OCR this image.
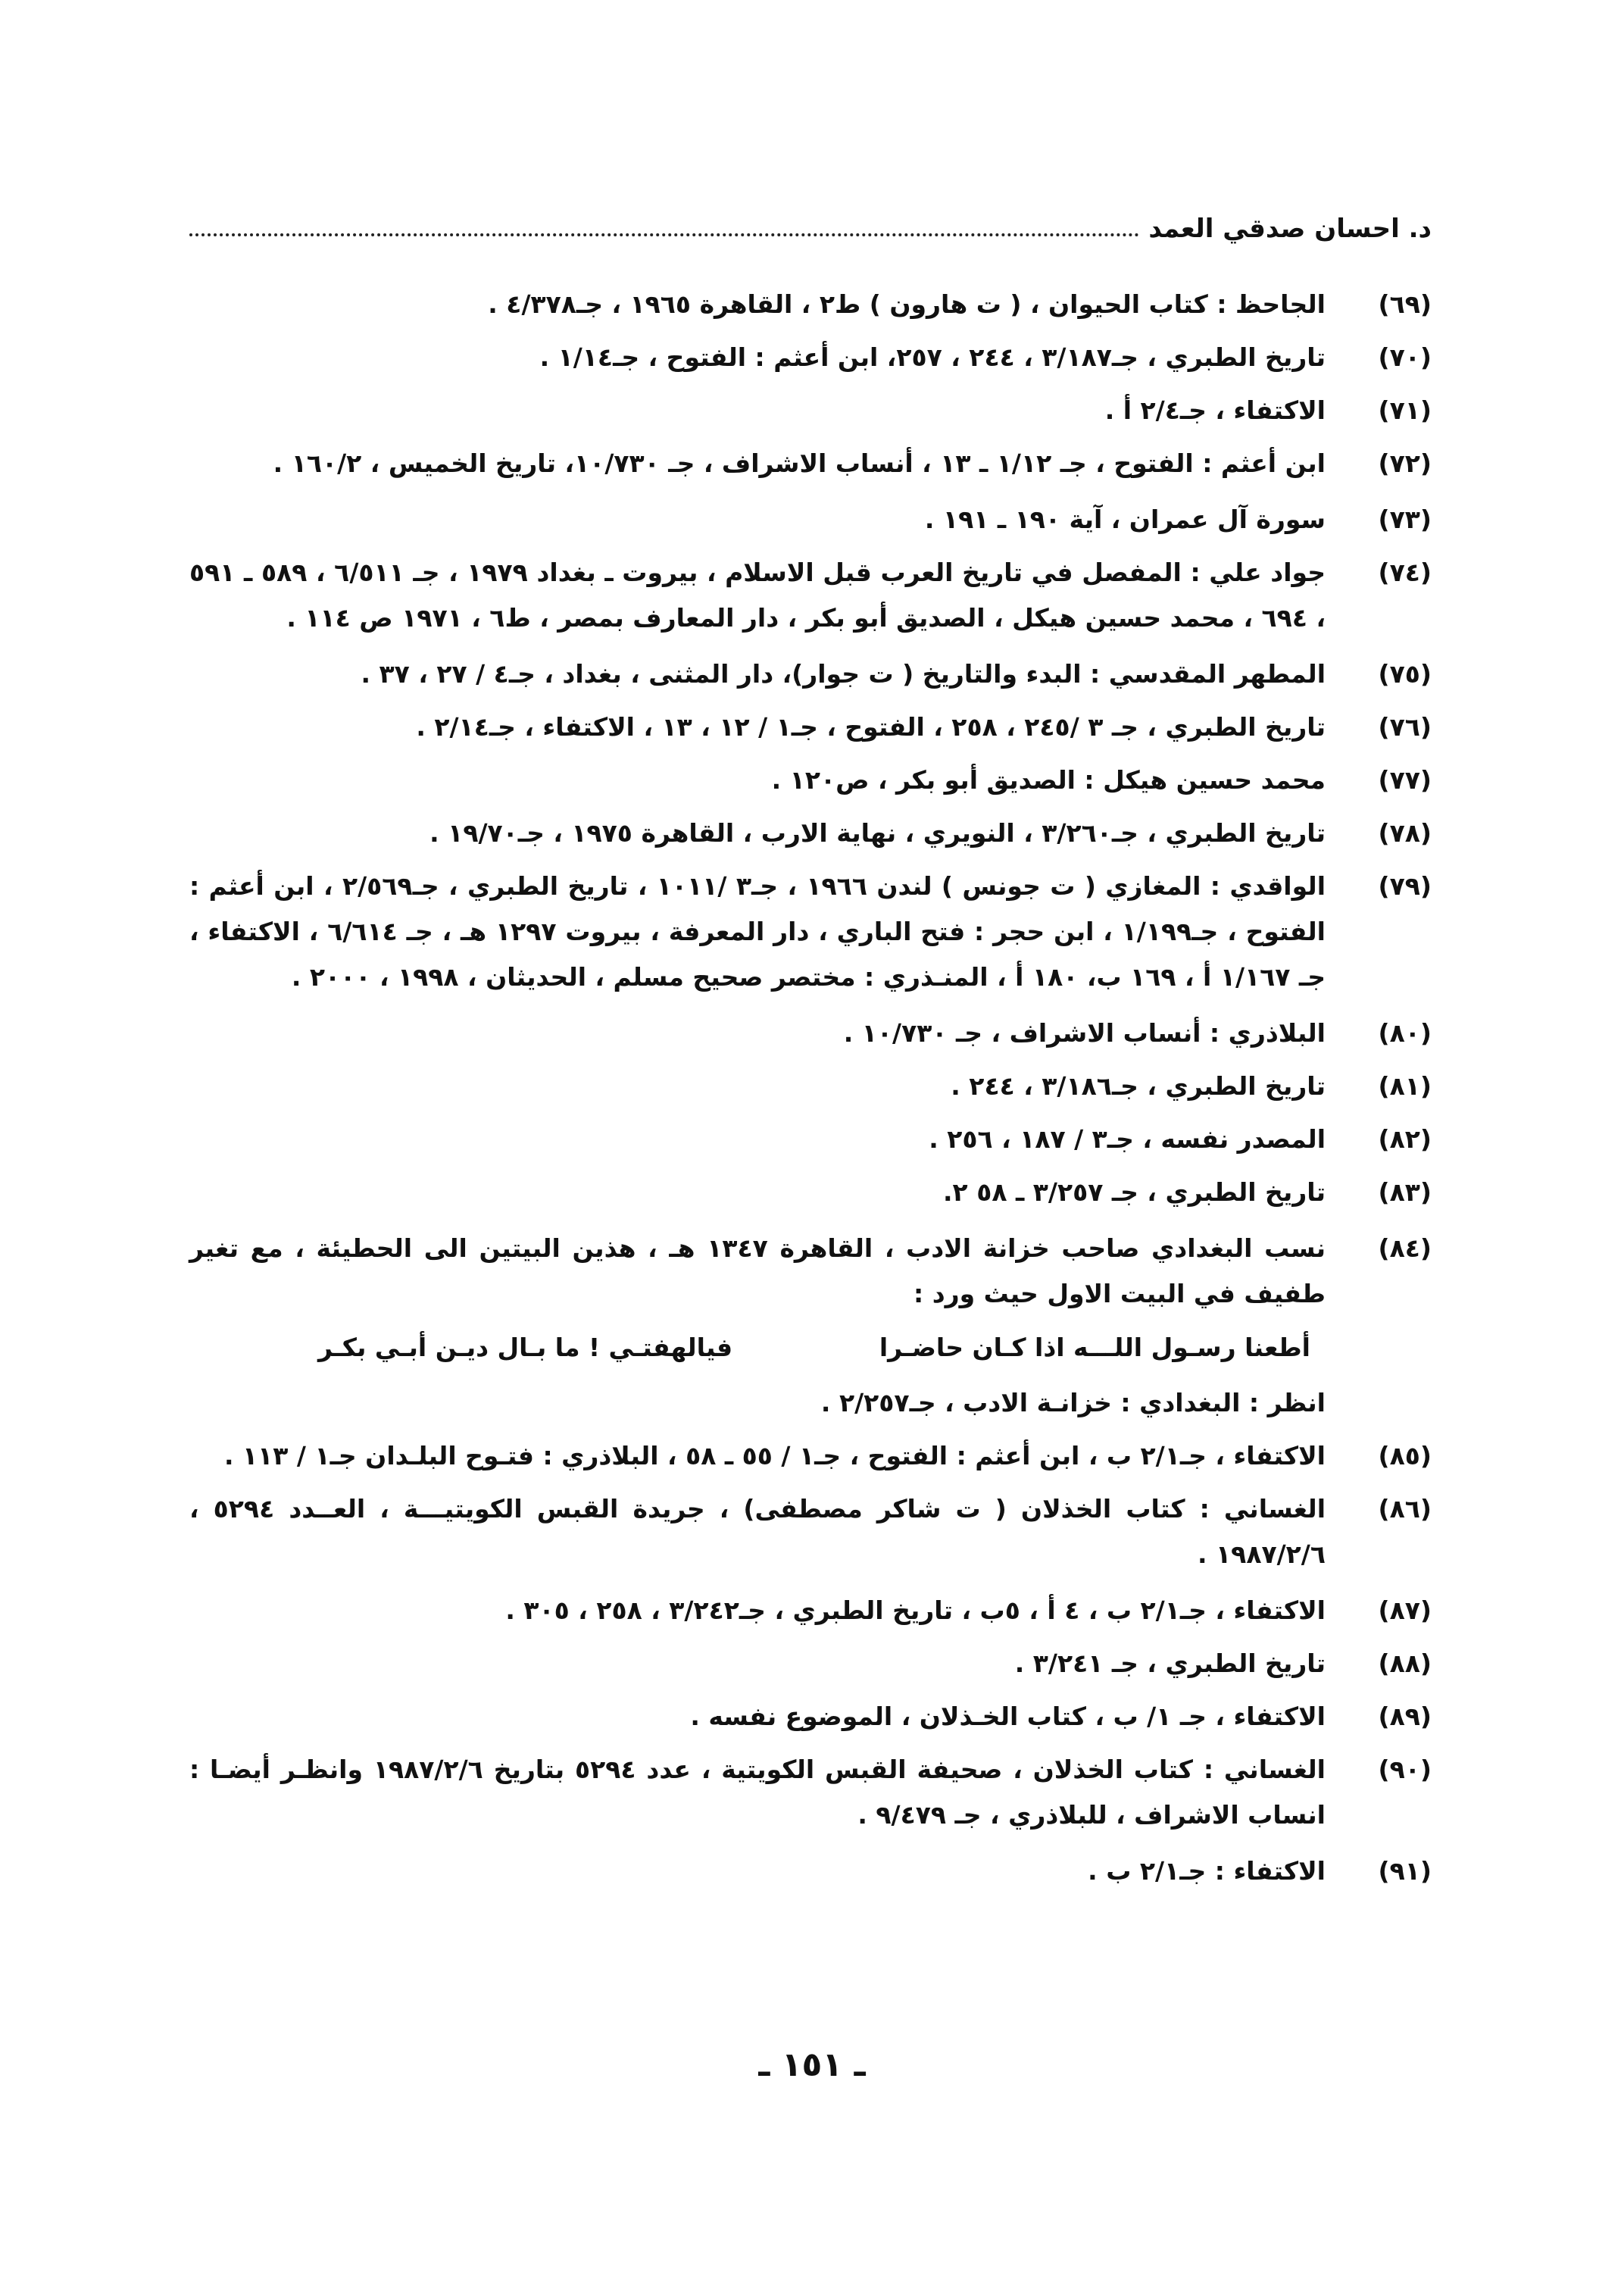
د. احسان صدقي العمد
(٦٩)
الجاحظ : كتاب الحيوان ، ( ت هارون ) ط٢ ، القاهرة ١٩٦٥ ، جـ٤/٣٧٨ .
(٧٠)
تاريخ الطبري ، جـ٣/١٨٧ ، ٢٤٤ ، ٢٥٧، ابن أعثم : الفتوح ، جـ١/١٤ .
(٧١)
الاكتفاء ، جـ٢/٤ أ .
(٧٢)
ابن أعثم : الفتوح ، جـ ١/١٢ ـ ١٣ ، أنساب الاشراف ، جـ ١٠/٧٣٠، تاريخ الخميس ، ١٦٠/٢ .
(٧٣)
سورة آل عمران ، آية ١٩٠ ـ ١٩١ .
(٧٤)
جواد علي : المفصل في تاريخ العرب قبل الاسلام ، بيروت ـ بغداد ١٩٧٩ ، جـ ٦/٥١١ ، ٥٨٩ ـ ٥٩١ ، ٦٩٤ ، محمد حسين هيكل ، الصديق أبو بكر ، دار المعارف بمصر ، ط٦ ، ١٩٧١ ص ١١٤ .
(٧٥)
المطهر المقدسي : البدء والتاريخ ( ت جوار)، دار المثنى ، بغداد ، جـ٤ / ٢٧ ، ٣٧ .
(٧٦)
تاريخ الطبري ، جـ ٣ /٢٤٥ ، ٢٥٨ ، الفتوح ، جـ١ / ١٢ ، ١٣ ، الاكتفاء ، جـ٢/١٤ .
(٧٧)
محمد حسين هيكل : الصديق أبو بكر ، ص١٢٠ .
(٧٨)
تاريخ الطبري ، جـ٣/٢٦٠ ، النويري ، نهاية الارب ، القاهرة ١٩٧٥ ، جـ١٩/٧٠ .
(٧٩)
الواقدي : المغازي ( ت جونس ) لندن ١٩٦٦ ، جـ٣ /١٠١١ ، تاريخ الطبري ، جـ٢/٥٦٩ ، ابن أعثم : الفتوح ، جـ١/١٩٩ ، ابن حجر : فتح الباري ، دار المعرفة ، بيروت ١٢٩٧ هـ ، جـ ٦/٦١٤ ، الاكتفاء ، جـ ١/١٦٧ أ ، ١٦٩ ب، ١٨٠ أ ، المنـذري : مختصر صحيح مسلم ، الحديثان ، ١٩٩٨ ، ٢٠٠٠ .
(٨٠)
البلاذري : أنساب الاشراف ، جـ ١٠/٧٣٠ .
(٨١)
تاريخ الطبري ، جـ٣/١٨٦ ، ٢٤٤ .
(٨٢)
المصدر نفسه ، جـ٣ / ١٨٧ ، ٢٥٦ .
(٨٣)
تاريخ الطبري ، جـ ٣/٢٥٧ ـ ٥٨ ٢.
(٨٤)
نسب البغدادي صاحب خزانة الادب ، القاهرة ١٣٤٧ هـ ، هذين البيتين الى الحطيئة ، مع تغير طفيف في البيت الاول حيث ورد :
أطعنا رسـول اللـــه اذا كـان حاضـرا
فيالهفتـي ! ما بـال ديـن أبـي بكـر
انظر : البغدادي : خزانـة الادب ، جـ٢/٢٥٧ .
(٨٥)
الاكتفاء ، جـ٢/١ ب ، ابن أعثم : الفتوح ، جـ١ / ٥٥ ـ ٥٨ ، البلاذري : فتـوح البلـدان جـ١ / ١١٣ .
(٨٦)
الغساني : كتاب الخذلان ( ت شاكر مصطفى) ، جريدة القبس الكويتيـــة ، العــدد ٥٢٩٤ ، ١٩٨٧/٢/٦ .
(٨٧)
الاكتفاء ، جـ٢/١ ب ، ٤ أ ، ٥ب ، تاريخ الطبري ، جـ٣/٢٤٢ ، ٢٥٨ ، ٣٠٥ .
(٨٨)
تاريخ الطبري ، جـ ٣/٢٤١ .
(٨٩)
الاكتفاء ، جـ ١/ ب ، كتاب الخـذلان ، الموضوع نفسه .
(٩٠)
الغساني : كتاب الخذلان ، صحيفة القبس الكويتية ، عدد ٥٢٩٤ بتاريخ ١٩٨٧/٢/٦ وانظـر أيضـا : انساب الاشراف ، للبلاذري ، جـ ٩/٤٧٩ .
(٩١)
الاكتفاء : جـ٢/١ ب .
ـ ١٥١ ـ
